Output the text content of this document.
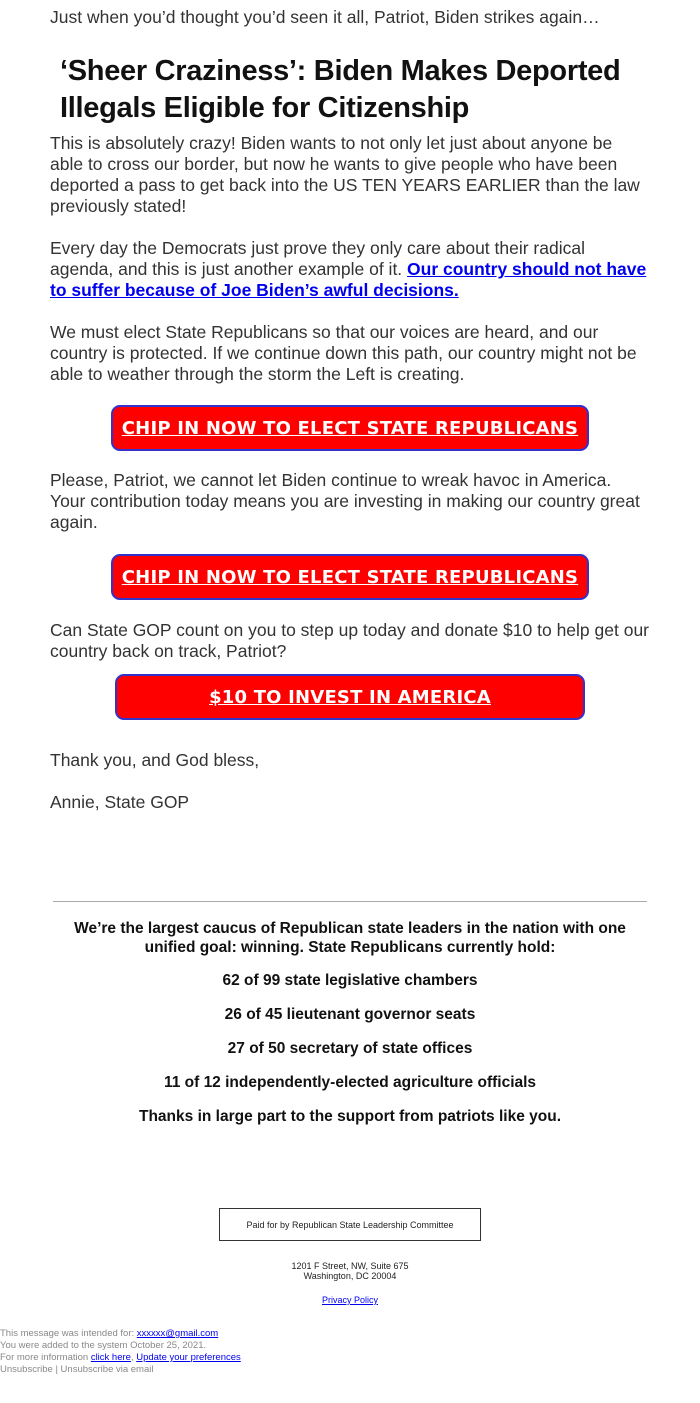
Just when you’d thought you’d seen it all, Patriot, Biden strikes again…

‘Sheer Craziness’: Biden Makes Deported
Illegals Eligible for Citizenship

This is absolutely crazy! Biden wants to not only let just about anyone be able to cross our border, but now he wants to give people who have been deported a pass to get back into the US TEN YEARS EARLIER than the law previously stated!

Every day the Democrats just prove they only care about their radical agenda, and this is just another example of it. Our country should not have to suffer because of Joe Biden’s awful decisions.

We must elect State Republicans so that our voices are heard, and our country is protected. If we continue down this path, our country might not be able to weather through the storm the Left is creating.

CHIP IN NOW TO ELECT STATE REPUBLICANS

Please, Patriot, we cannot let Biden continue to wreak havoc in America. Your contribution today means you are investing in making our country great again.

CHIP IN NOW TO ELECT STATE REPUBLICANS

Can State GOP count on you to step up today and donate $10 to help get our country back on track, Patriot?

$10 TO INVEST IN AMERICA

Thank you, and God bless,

Annie, State GOP

We’re the largest caucus of Republican state leaders in the nation with one unified goal: winning. State Republicans currently hold:

62 of 99 state legislative chambers

26 of 45 lieutenant governor seats

27 of 50 secretary of state offices

11 of 12 independently-elected agriculture officials

Thanks in large part to the support from patriots like you.

Paid for by Republican State Leadership Committee

1201 F Street, NW, Suite 675
Washington, DC 20004

Privacy Policy

This message was intended for: xxxxxx@gmail.com
You were added to the system October 25, 2021.
For more information click here, Update your preferences
Unsubscribe | Unsubscribe via email
